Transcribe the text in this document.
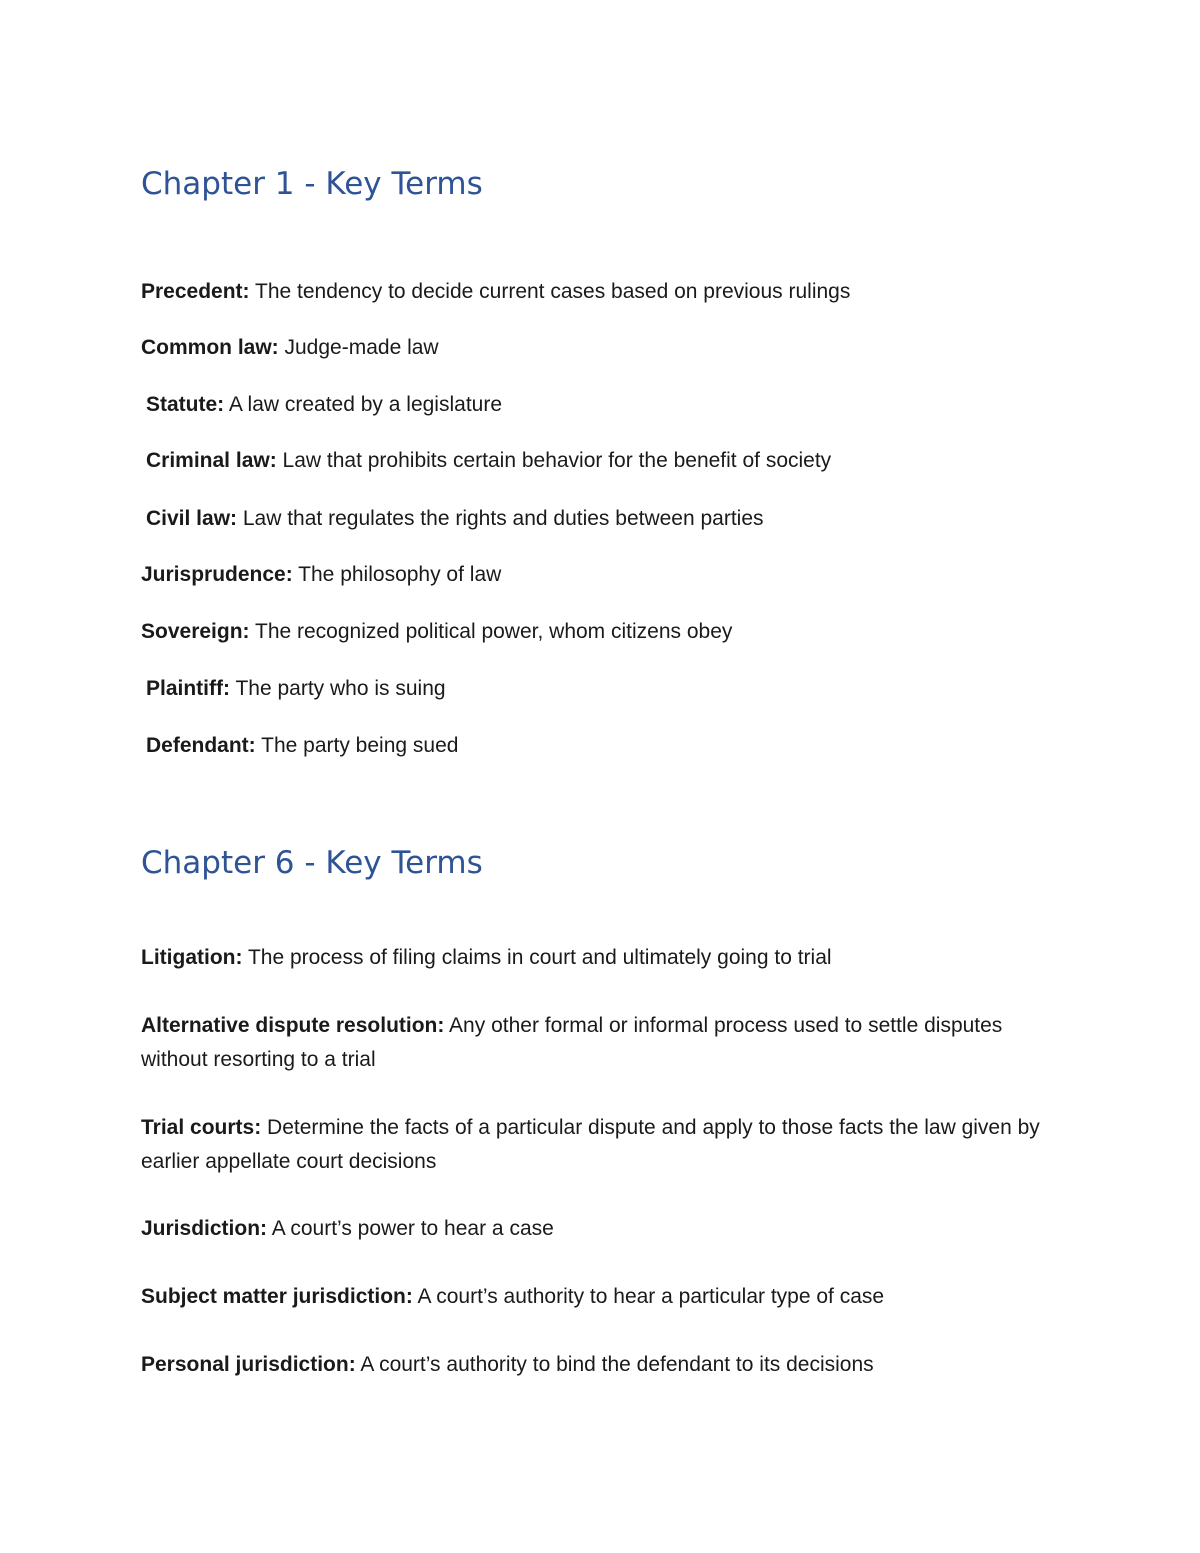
Chapter 1 - Key Terms

Precedent: The tendency to decide current cases based on previous rulings

Common law: Judge-made law

Statute: A law created by a legislature

Criminal law: Law that prohibits certain behavior for the benefit of society

Civil law: Law that regulates the rights and duties between parties

Jurisprudence: The philosophy of law

Sovereign: The recognized political power, whom citizens obey

Plaintiff: The party who is suing

Defendant: The party being sued

Chapter 6 - Key Terms

Litigation: The process of filing claims in court and ultimately going to trial

Alternative dispute resolution: Any other formal or informal process used to settle disputes without resorting to a trial

Trial courts: Determine the facts of a particular dispute and apply to those facts the law given by earlier appellate court decisions

Jurisdiction: A court’s power to hear a case

Subject matter jurisdiction: A court’s authority to hear a particular type of case

Personal jurisdiction: A court’s authority to bind the defendant to its decisions
